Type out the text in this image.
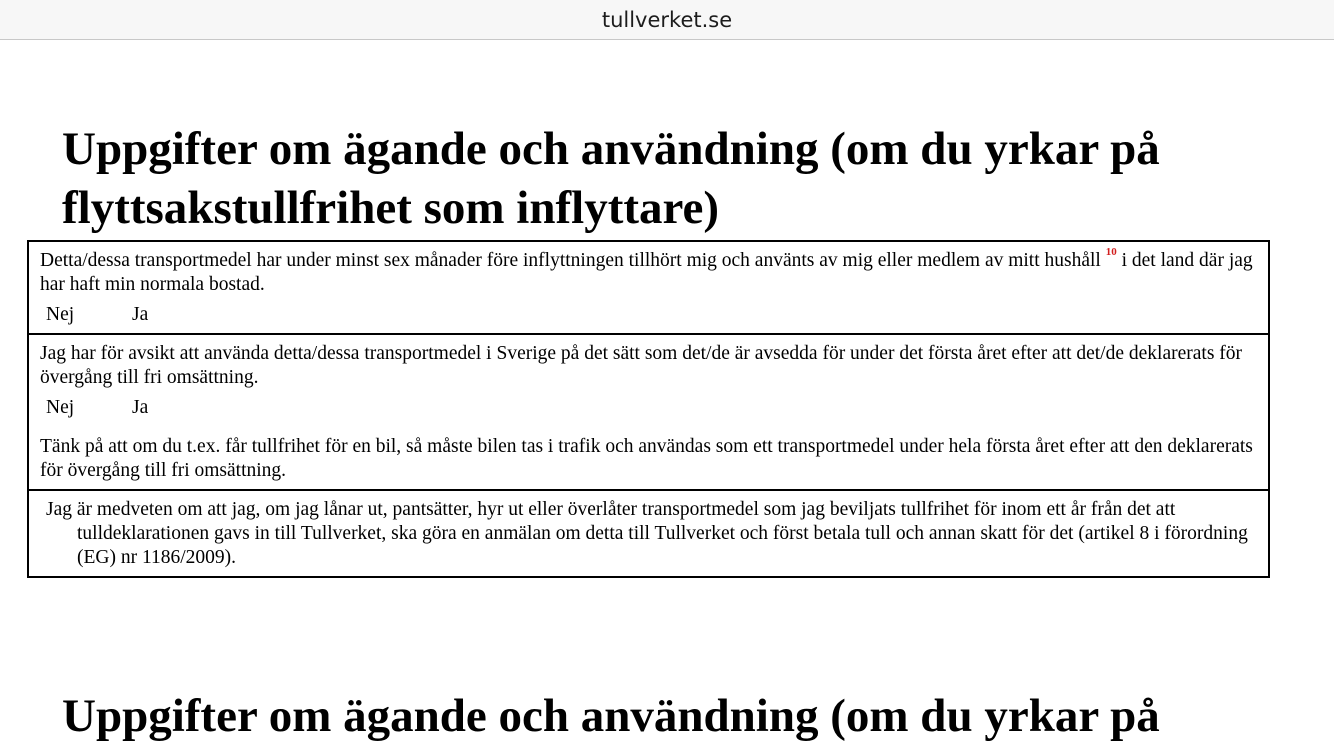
tullverket.se
Uppgifter om ägande och användning (om du yrkar på flyttsakstullfrihet som inflyttare)
Detta/dessa transportmedel har under minst sex månader före inflyttningen tillhört mig och använts av mig eller medlem av mitt hushåll $^{10}$ i det land där jag har haft min normala bostad.
Nej	Ja
Jag har för avsikt att använda detta/dessa transportmedel i Sverige på det sätt som det/de är avsedda för under det första året efter att det/de deklarerats för övergång till fri omsättning.
Nej	Ja
Tänk på att om du t.ex. får tullfrihet för en bil, så måste bilen tas i trafik och användas som ett transportmedel under hela första året efter att den deklarerats för övergång till fri omsättning.
Jag är medveten om att jag, om jag lånar ut, pantsätter, hyr ut eller överlåter transportmedel som jag beviljats tullfrihet för inom ett år från det att tulldeklarationen gavs in till Tullverket, ska göra en anmälan om detta till Tullverket och först betala tull och annan skatt för det (artikel 8 i förordning (EG) nr 1186/2009).
Uppgifter om ägande och användning (om du yrkar på
